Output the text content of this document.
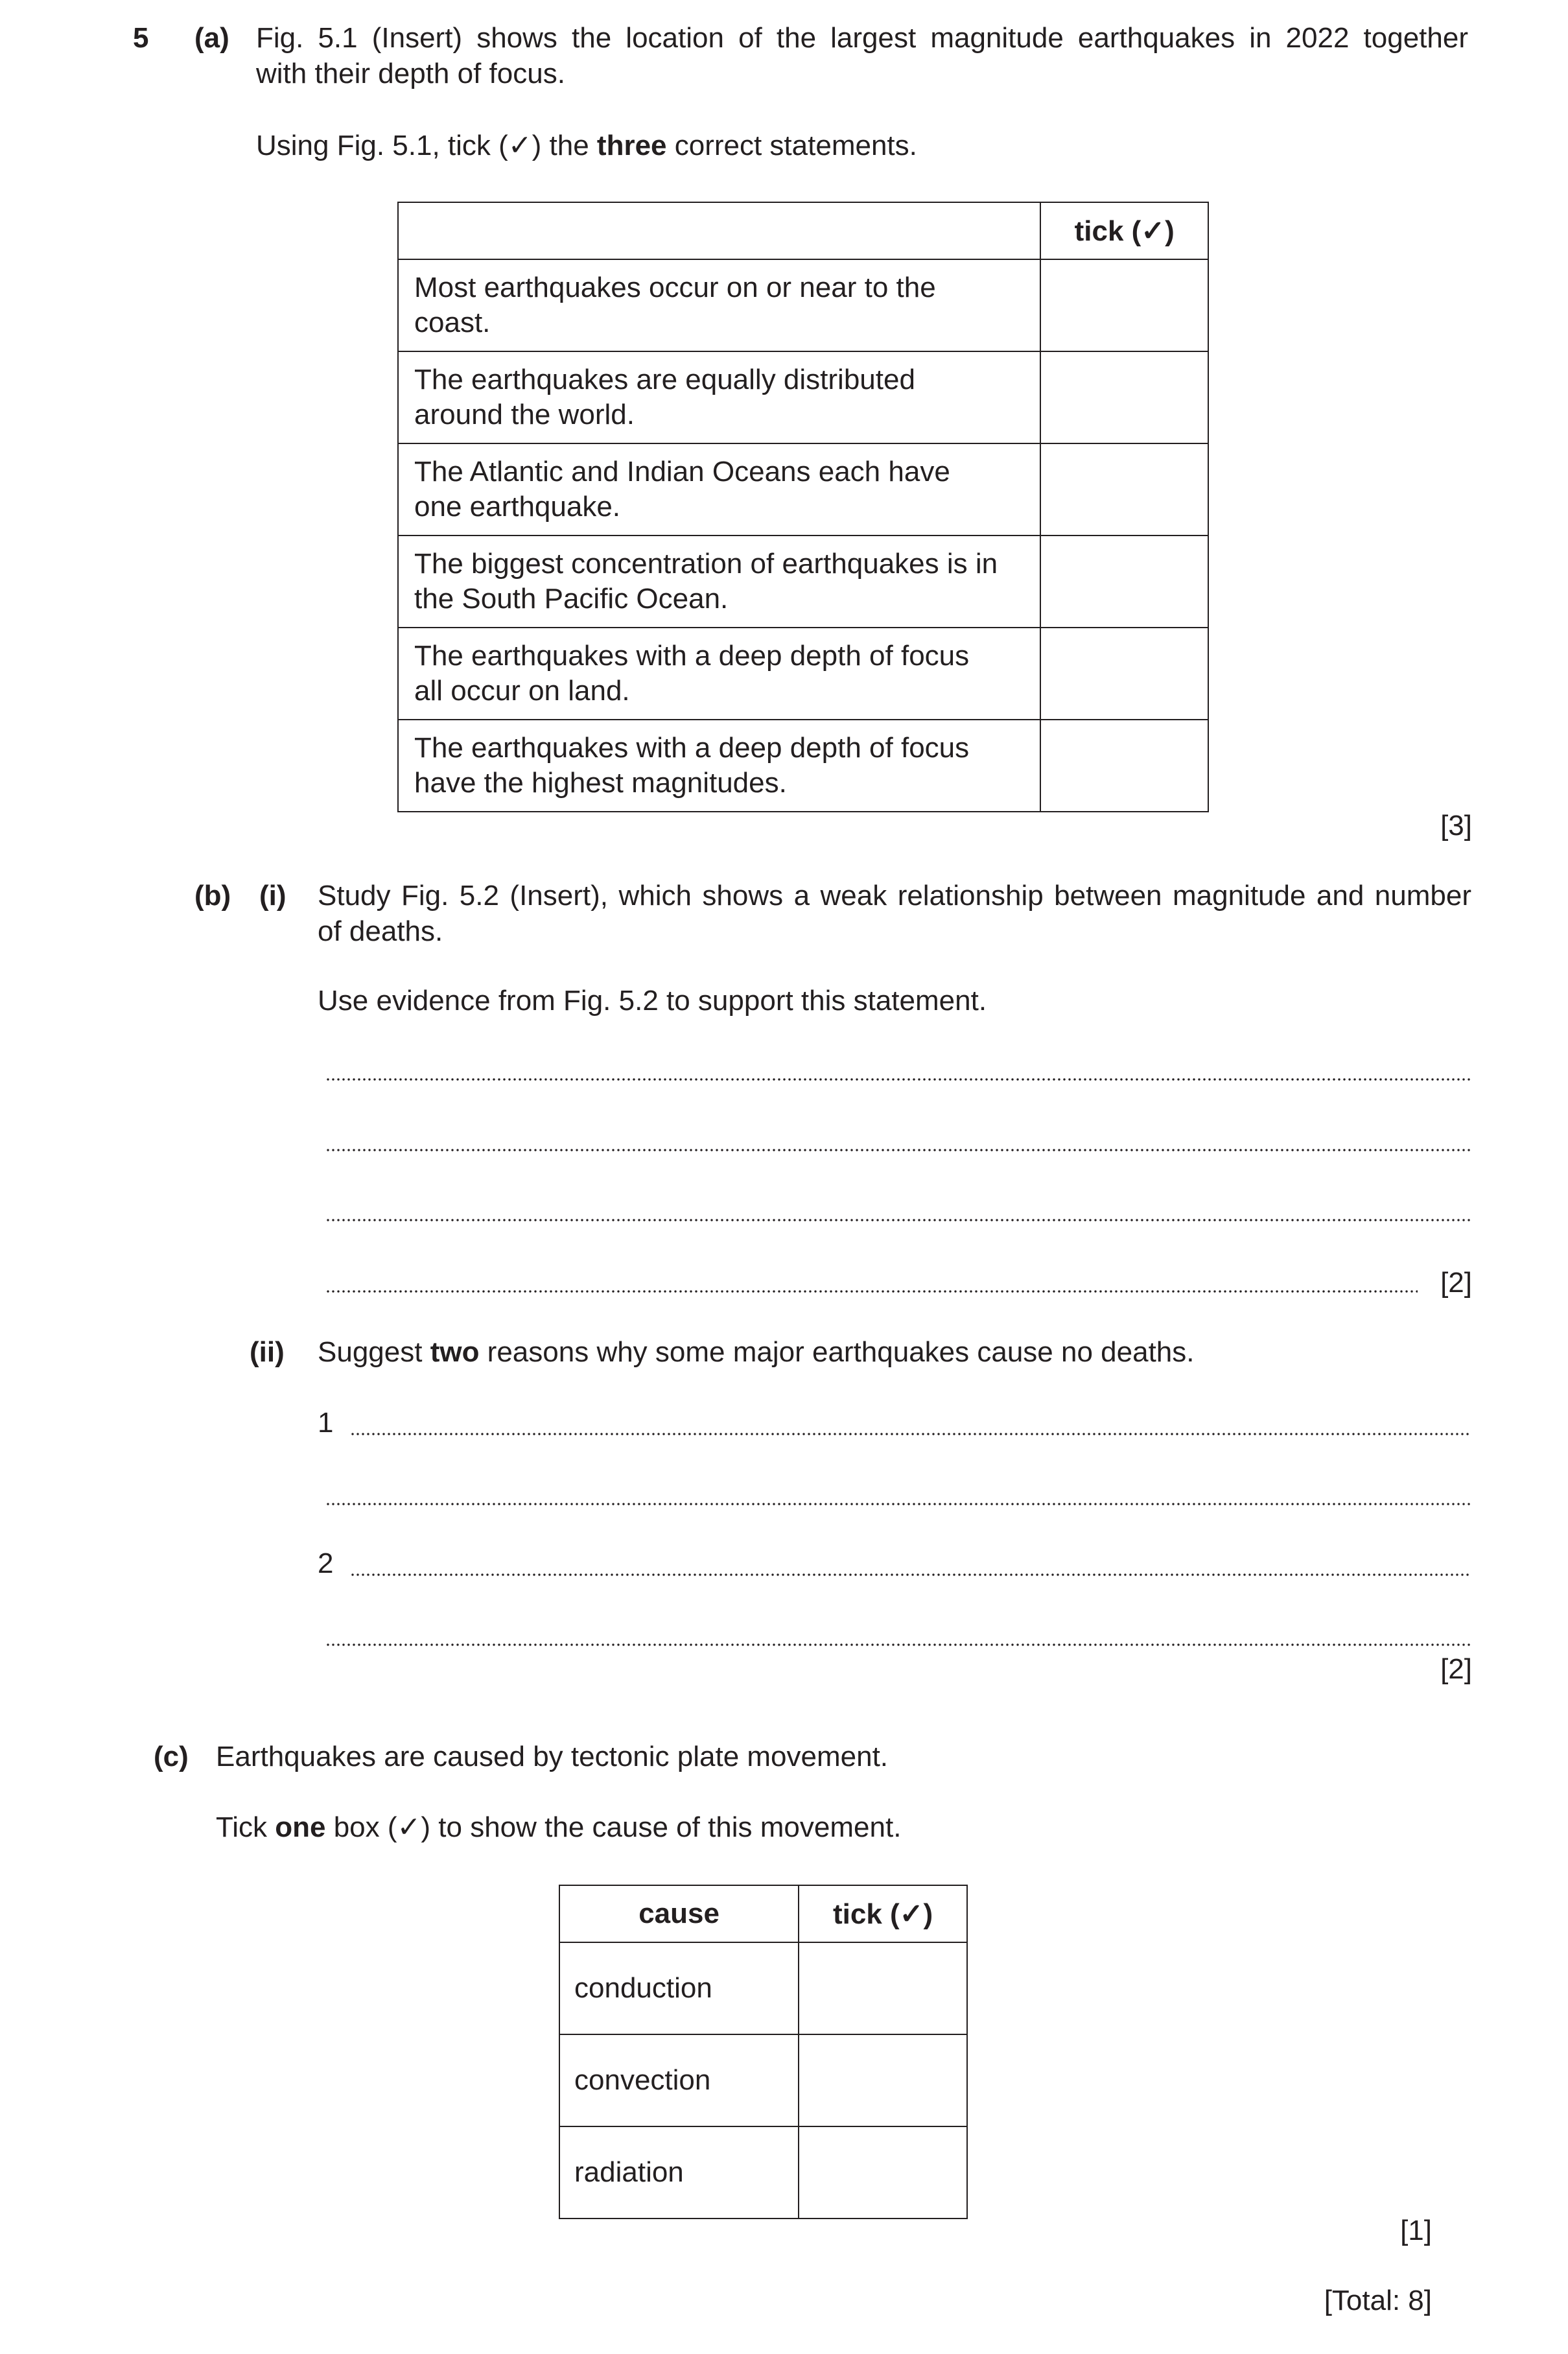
5 (a) Fig. 5.1 (Insert) shows the location of the largest magnitude earthquakes in 2022 together
with their depth of focus.
Using Fig. 5.1, tick (✓) the three correct statements.
	tick (✓)
Most earthquakes occur on or near to the
coast.	
The earthquakes are equally distributed
around the world.	
The Atlantic and Indian Oceans each have
one earthquake.	
The biggest concentration of earthquakes is in
the South Pacific Ocean.	
The earthquakes with a deep depth of focus
all occur on land.	
The earthquakes with a deep depth of focus
have the highest magnitudes.	
[3]
(b) (i) Study Fig. 5.2 (Insert), which shows a weak relationship between magnitude and number
of deaths.
Use evidence from Fig. 5.2 to support this statement.
[2]
(ii) Suggest two reasons why some major earthquakes cause no deaths.
1
2
[2]
(c) Earthquakes are caused by tectonic plate movement.
Tick one box (✓) to show the cause of this movement.
cause	tick (✓)
conduction	
convection	
radiation	
[1]
[Total: 8]
